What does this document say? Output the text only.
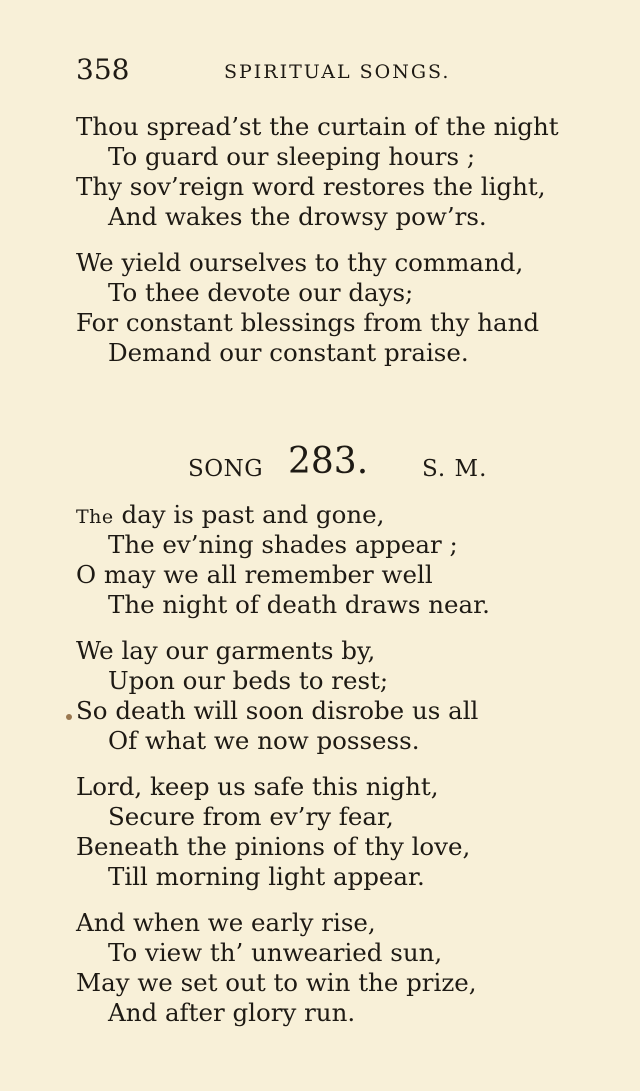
358	SPIRITUAL SONGS.
Thou spread’st the curtain of the night
To guard our sleeping hours ;
Thy sov’reign word restores the light,
And wakes the drowsy pow’rs.
We yield ourselves to thy command,
To thee devote our days;
For constant blessings from thy hand
Demand our constant praise.
SONG 283. S. M.
The day is past and gone,
The ev’ning shades appear ;
O may we all remember well
The night of death draws near.
We lay our garments by,
Upon our beds to rest;
So death will soon disrobe us all
Of what we now possess.
Lord, keep us safe this night,
Secure from ev’ry fear,
Beneath the pinions of thy love,
Till morning light appear.
And when we early rise,
To view th’ unwearied sun,
May we set out to win the prize,
And after glory run.
